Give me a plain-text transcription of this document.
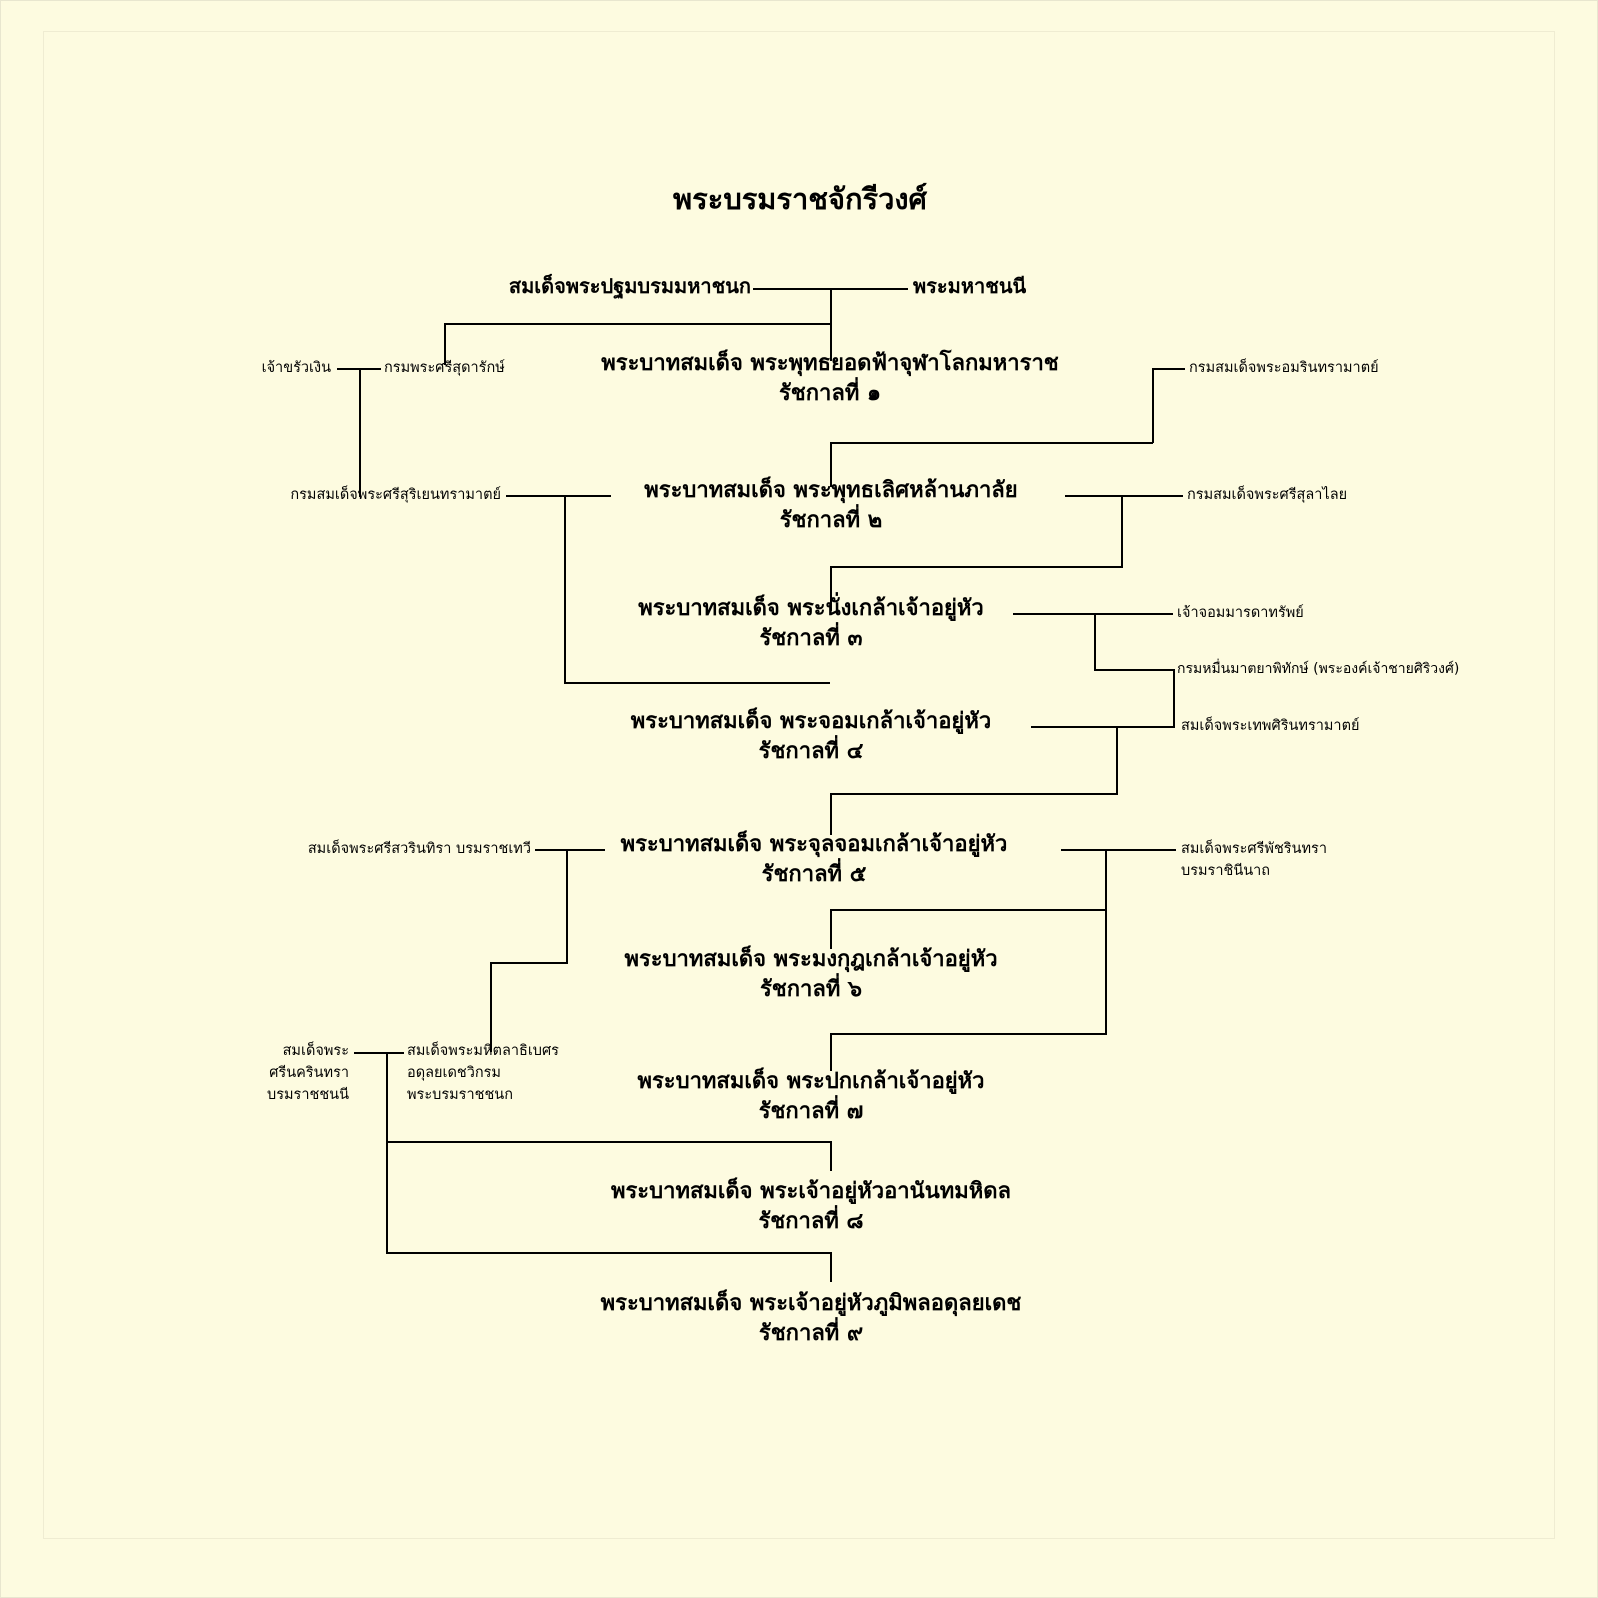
พระบรมราชจักรีวงศ์
สมเด็จพระปฐมบรมมหาชนก	พระมหาชนนี
เจ้าขรัวเงิน	กรมพระศรีสุดารักษ์	พระบาทสมเด็จ พระพุทธยอดฟ้าจุฬาโลกมหาราช
รัชกาลที่ ๑
กรมสมเด็จพระอมรินทรามาตย์
กรมสมเด็จพระศรีสุริเยนทรามาตย์	พระบาทสมเด็จ พระพุทธเลิศหล้านภาลัย
รัชกาลที่ ๒
กรมสมเด็จพระศรีสุลาไลย
พระบาทสมเด็จ พระนั่งเกล้าเจ้าอยู่หัว
รัชกาลที่ ๓
เจ้าจอมมารดาทรัพย์
กรมหมื่นมาตยาพิทักษ์ (พระองค์เจ้าชายศิริวงศ์)
พระบาทสมเด็จ พระจอมเกล้าเจ้าอยู่หัว
รัชกาลที่ ๔
สมเด็จพระเทพศิรินทรามาตย์
สมเด็จพระศรีสวรินทิรา บรมราชเทวี	พระบาทสมเด็จ พระจุลจอมเกล้าเจ้าอยู่หัว
รัชกาลที่ ๕
สมเด็จพระศรีพัชรินทรา
บรมราชินีนาถ
พระบาทสมเด็จ พระมงกุฎเกล้าเจ้าอยู่หัว
รัชกาลที่ ๖
สมเด็จพระ
ศรีนครินทรา
บรมราชชนนี
สมเด็จพระมหิตลาธิเบศร
อดุลยเดชวิกรม
พระบรมราชชนก
พระบาทสมเด็จ พระปกเกล้าเจ้าอยู่หัว
รัชกาลที่ ๗
พระบาทสมเด็จ พระเจ้าอยู่หัวอานันทมหิดล
รัชกาลที่ ๘
พระบาทสมเด็จ พระเจ้าอยู่หัวภูมิพลอดุลยเดช
รัชกาลที่ ๙
